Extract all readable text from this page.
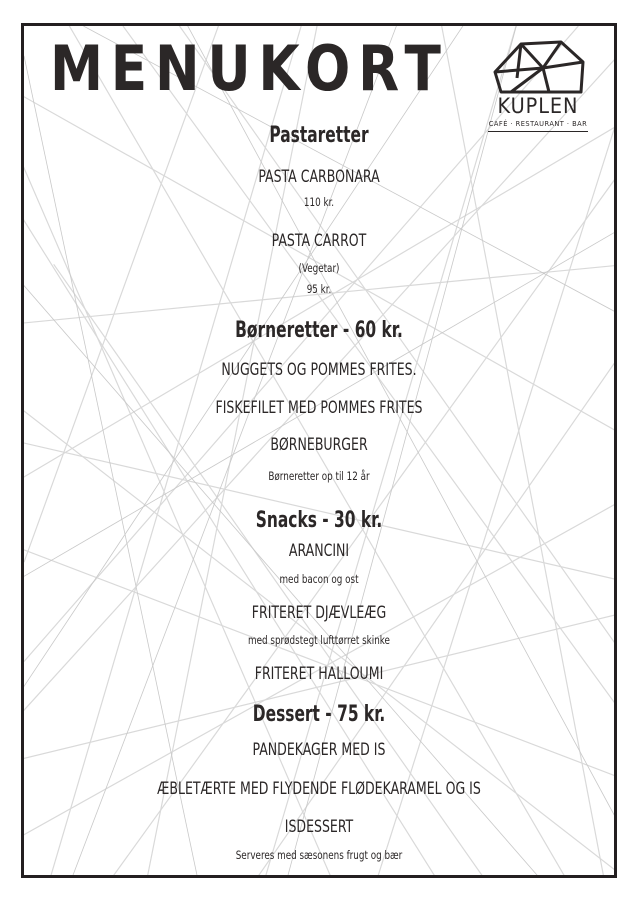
MENUKORT
KUPLEN
CAFÉ · RESTAURANT · BAR
Pastaretter
PASTA CARBONARA
110 kr.
PASTA CARROT
(Vegetar)
95 kr.
Børneretter - 60 kr.
NUGGETS OG POMMES FRITES.
FISKEFILET MED POMMES FRITES
BØRNEBURGER
Børneretter op til 12 år
Snacks - 30 kr.
ARANCINI
med bacon og ost
FRITERET DJÆVLEÆG
med sprødstegt lufttørret skinke
FRITERET HALLOUMI
Dessert - 75 kr.
PANDEKAGER MED IS
ÆBLETÆRTE MED FLYDENDE FLØDEKARAMEL OG IS
ISDESSERT
Serveres med sæsonens frugt og bær
